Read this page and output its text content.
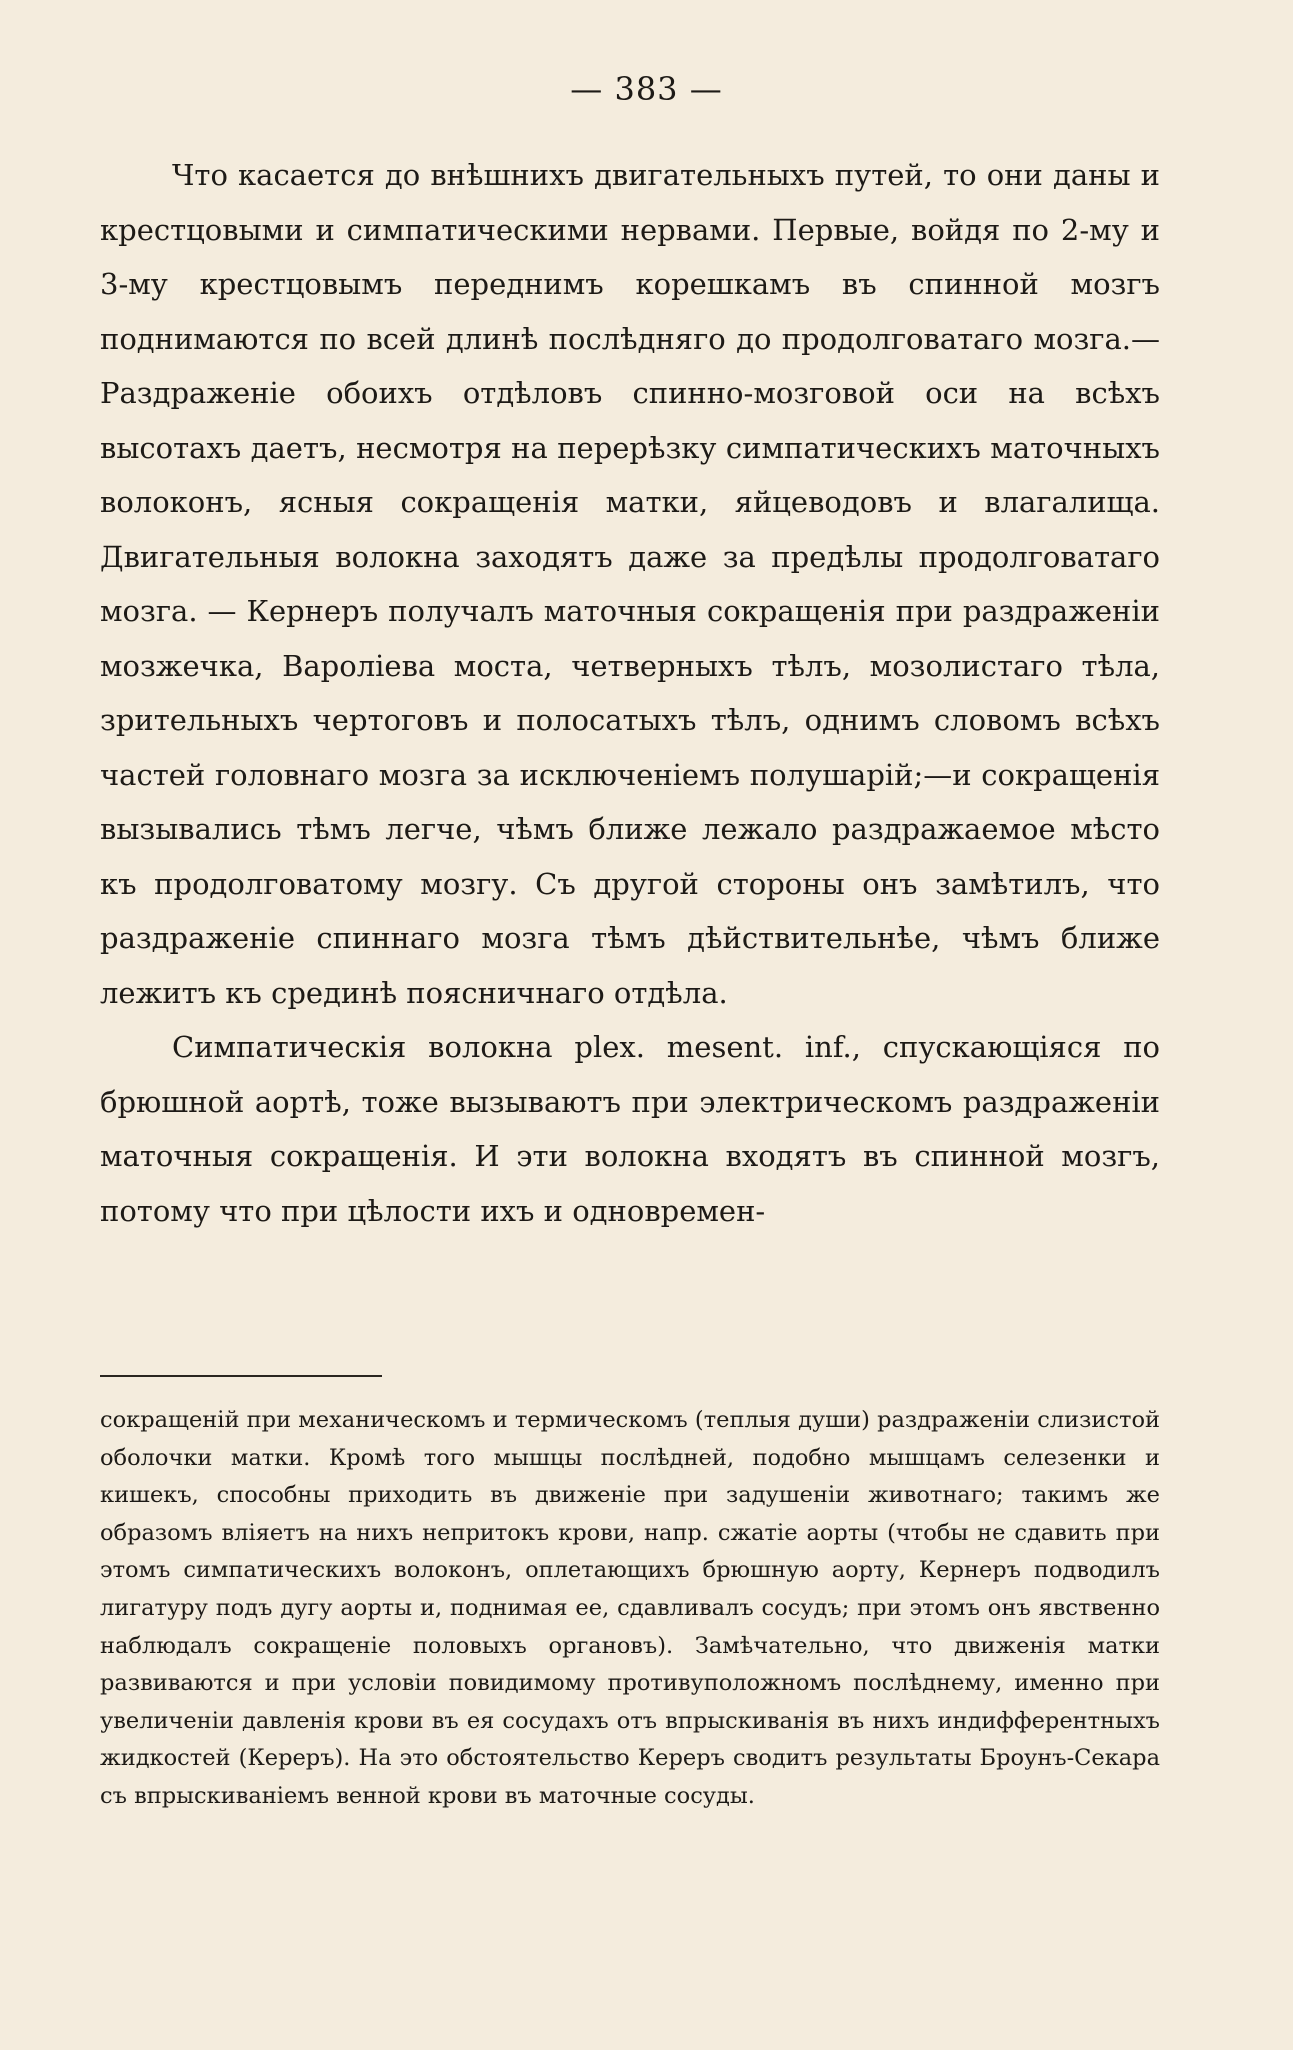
— 383 —

Что касается до внѣшнихъ двигательныхъ путей, то они даны и крестцовыми и симпатическими нервами. Первые, войдя по 2-му и 3-му крестцовымъ переднимъ корешкамъ въ спинной мозгъ поднимаются по всей длинѣ послѣдняго до продолговатаго мозга.—Раздраженіе обоихъ отдѣловъ спинно-мозговой оси на всѣхъ высотахъ даетъ, несмотря на перерѣзку симпатическихъ маточныхъ волоконъ, ясныя сокращенія матки, яйцеводовъ и влагалища. Двигательныя волокна заходятъ даже за предѣлы продолговатаго мозга. — Кернеръ получалъ маточныя сокращенія при раздраженіи мозжечка, Вароліева моста, четверныхъ тѣлъ, мозолистаго тѣла, зрительныхъ чертоговъ и полосатыхъ тѣлъ, однимъ словомъ всѣхъ частей головнаго мозга за исключеніемъ полушарій;—и сокращенія вызывались тѣмъ легче, чѣмъ ближе лежало раздражаемое мѣсто къ продолговатому мозгу. Съ другой стороны онъ замѣтилъ, что раздраженіе спиннаго мозга тѣмъ дѣйствительнѣе, чѣмъ ближе лежитъ къ срединѣ поясничнаго отдѣла.

Симпатическія волокна plex. mesent. inf., спускающіяся по брюшной аортѣ, тоже вызываютъ при электрическомъ раздраженіи маточныя сокращенія. И эти волокна входятъ въ спинной мозгъ, потому что при цѣлости ихъ и одновремен-

сокращеній при механическомъ и термическомъ (теплыя души) раздраженіи слизистой оболочки матки. Кромѣ того мышцы послѣдней, подобно мышцамъ селезенки и кишекъ, способны приходить въ движеніе при задушеніи животнаго; такимъ же образомъ вліяетъ на нихъ непритокъ крови, напр. сжатіе аорты (чтобы не сдавить при этомъ симпатическихъ волоконъ, оплетающихъ брюшную аорту, Кернеръ подводилъ лигатуру подъ дугу аорты и, поднимая ее, сдавливалъ сосудъ; при этомъ онъ явственно наблюдалъ сокращеніе половыхъ органовъ). Замѣчательно, что движенія матки развиваются и при условіи повидимому противуположномъ послѣднему, именно при увеличеніи давленія крови въ ея сосудахъ отъ впрыскиванія въ нихъ индифферентныхъ жидкостей (Керeръ). На это обстоятельство Керeръ сводитъ результаты Броунъ-Секара съ впрыскиваніемъ венной крови въ маточные сосуды.
